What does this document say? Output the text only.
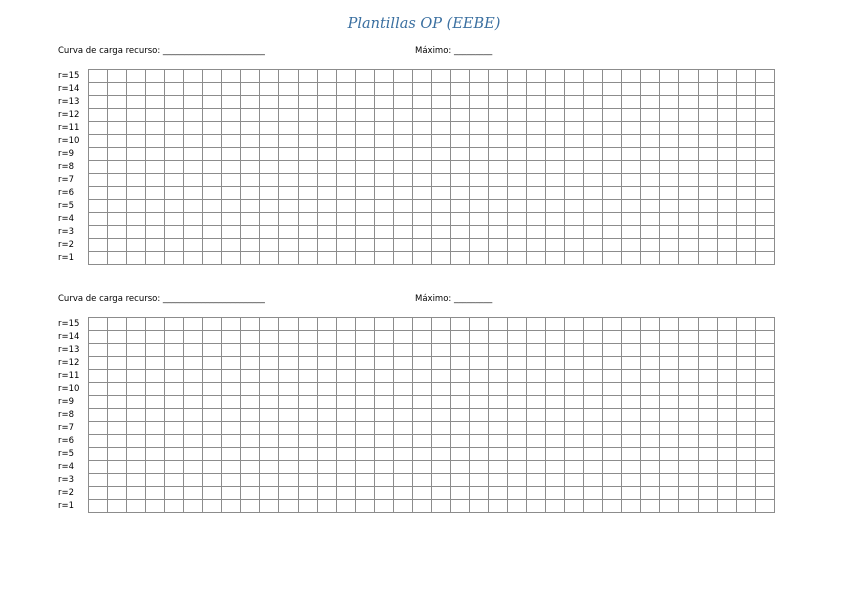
Plantillas OP (EEBE)
Curva de carga recurso: ________________________	Máximo: _________
r=15
r=14
r=13
r=12
r=11
r=10
r=9
r=8
r=7
r=6
r=5
r=4
r=3
r=2
r=1

Curva de carga recurso: ________________________	Máximo: _________
r=15
r=14
r=13
r=12
r=11
r=10
r=9
r=8
r=7
r=6
r=5
r=4
r=3
r=2
r=1
